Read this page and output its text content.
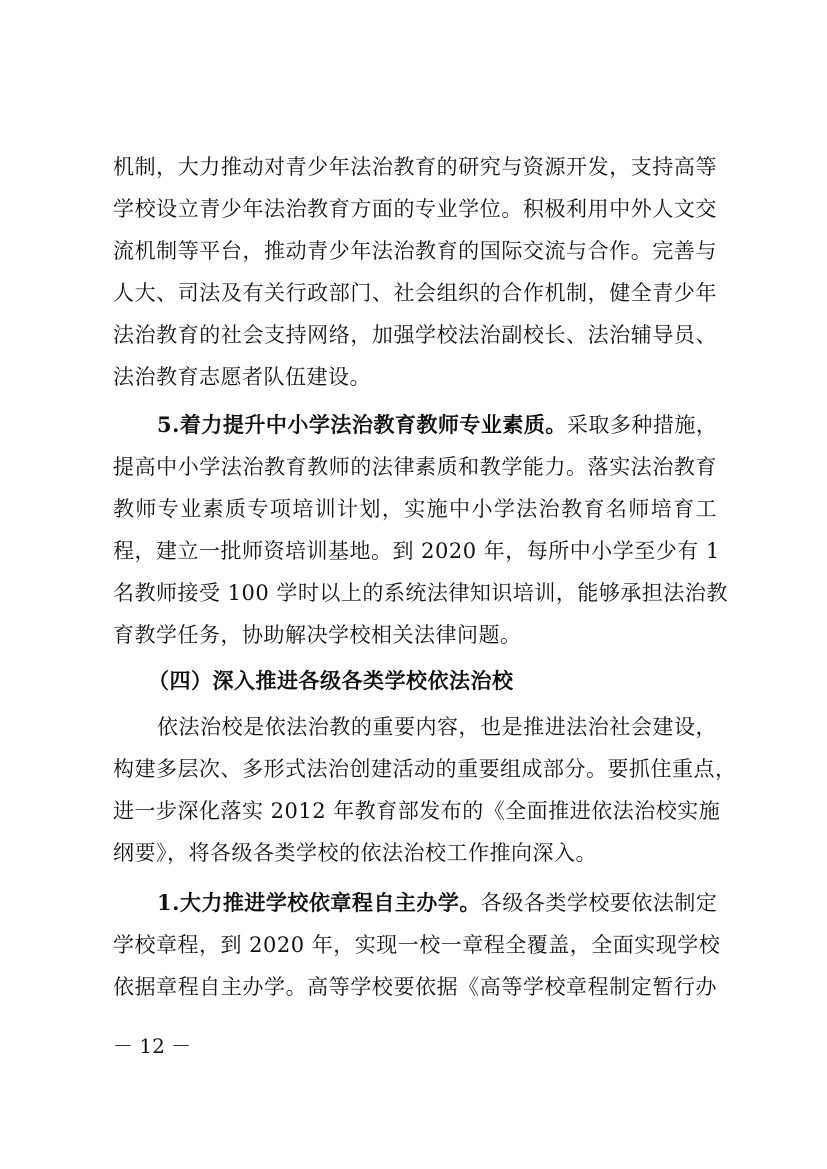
机制，大力推动对青少年法治教育的研究与资源开发，支持高等
学校设立青少年法治教育方面的专业学位。积极利用中外人文交
流机制等平台，推动青少年法治教育的国际交流与合作。完善与
人大、司法及有关行政部门、社会组织的合作机制，健全青少年
法治教育的社会支持网络，加强学校法治副校长、法治辅导员、
法治教育志愿者队伍建设。
5.着力提升中小学法治教育教师专业素质。采取多种措施，
提高中小学法治教育教师的法律素质和教学能力。落实法治教育
教师专业素质专项培训计划，实施中小学法治教育名师培育工
程，建立一批师资培训基地。到 2020 年，每所中小学至少有 1
名教师接受 100 学时以上的系统法律知识培训，能够承担法治教
育教学任务，协助解决学校相关法律问题。
（四）深入推进各级各类学校依法治校
依法治校是依法治教的重要内容，也是推进法治社会建设，
构建多层次、多形式法治创建活动的重要组成部分。要抓住重点，
进一步深化落实 2012 年教育部发布的《全面推进依法治校实施
纲要》，将各级各类学校的依法治校工作推向深入。
1.大力推进学校依章程自主办学。各级各类学校要依法制定
学校章程，到 2020 年，实现一校一章程全覆盖，全面实现学校
依据章程自主办学。高等学校要依据《高等学校章程制定暂行办
－ 12 －
